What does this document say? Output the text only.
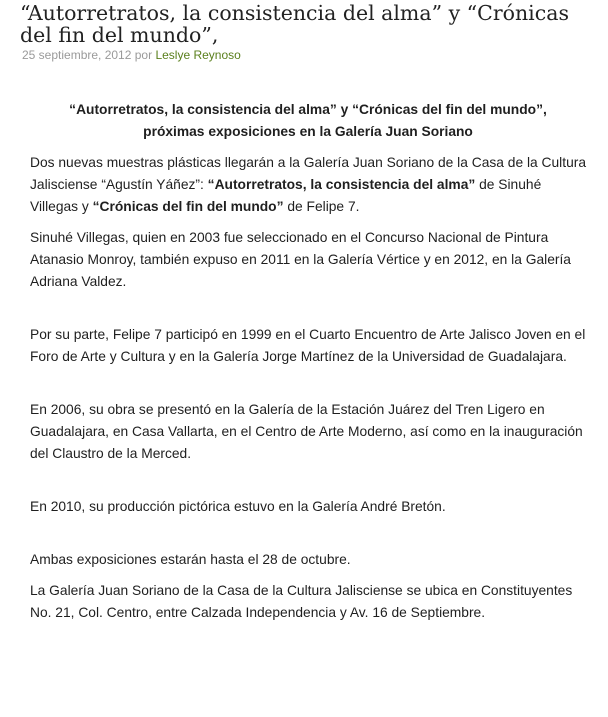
“Autorretratos, la consistencia del alma” y “Crónicas del fin del mundo”,
25 septiembre, 2012 por Leslye Reynoso
“Autorretratos, la consistencia del alma” y “Crónicas del fin del mundo”,
próximas exposiciones en la Galería Juan Soriano

Dos nuevas muestras plásticas llegarán a la Galería Juan Soriano de la Casa de la Cultura Jalisciense “Agustín Yáñez”: “Autorretratos, la consistencia del alma” de Sinuhé Villegas y “Crónicas del fin del mundo” de Felipe 7.

Sinuhé Villegas, quien en 2003 fue seleccionado en el Concurso Nacional de Pintura Atanasio Monroy, también expuso en 2011 en la Galería Vértice y en 2012, en la Galería Adriana Valdez.

Por su parte, Felipe 7 participó en 1999 en el Cuarto Encuentro de Arte Jalisco Joven en el Foro de Arte y Cultura y en la Galería Jorge Martínez de la Universidad de Guadalajara.

En 2006, su obra se presentó en la Galería de la Estación Juárez del Tren Ligero en Guadalajara, en Casa Vallarta, en el Centro de Arte Moderno, así como en la inauguración del Claustro de la Merced.

En 2010, su producción pictórica estuvo en la Galería André Bretón.

Ambas exposiciones estarán hasta el 28 de octubre.

La Galería Juan Soriano de la Casa de la Cultura Jalisciense se ubica en Constituyentes No. 21, Col. Centro, entre Calzada Independencia y Av. 16 de Septiembre.
